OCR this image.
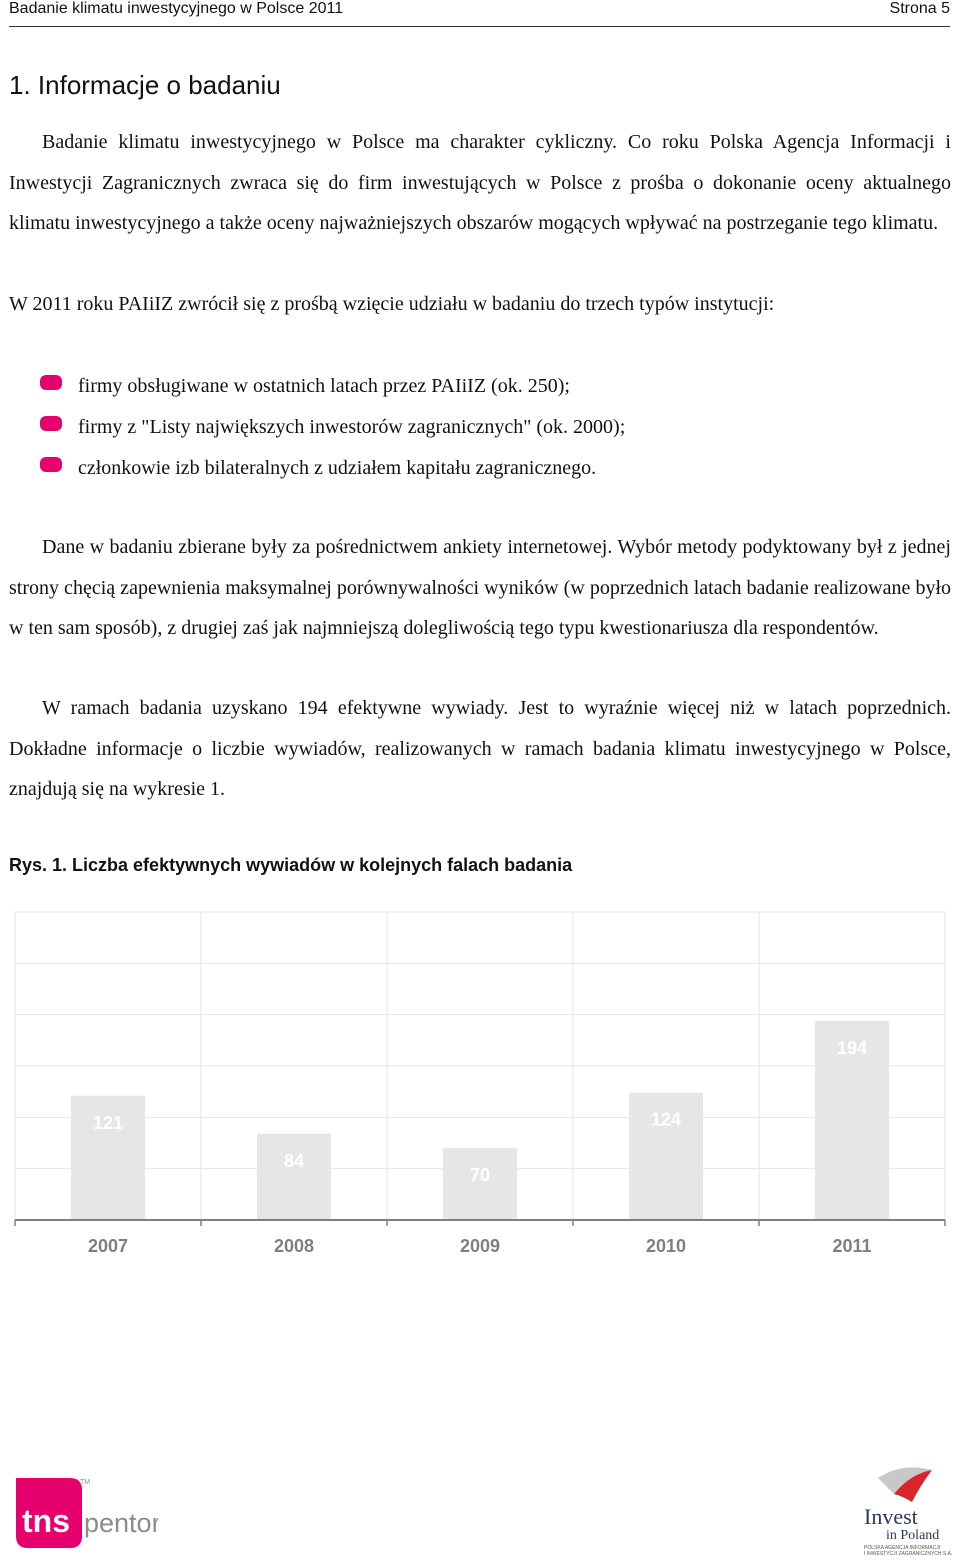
Badanie klimatu inwestycyjnego w Polsce 2011	Strona 5
1. Informacje o badaniu
Badanie klimatu inwestycyjnego w Polsce ma charakter cykliczny. Co roku Polska Agencja Informacji i Inwestycji Zagranicznych zwraca się do firm inwestujących w Polsce z prośba o dokonanie oceny aktualnego klimatu inwestycyjnego a także oceny najważniejszych obszarów mogących wpływać na postrzeganie tego klimatu.
W 2011 roku PAIiIZ zwrócił się z prośbą wzięcie udziału w badaniu do trzech typów instytucji:
firmy obsługiwane w ostatnich latach przez PAIiIZ (ok. 250);
firmy z "Listy największych inwestorów zagranicznych" (ok. 2000);
członkowie izb bilateralnych z udziałem kapitału zagranicznego.
Dane w badaniu zbierane były za pośrednictwem ankiety internetowej. Wybór metody podyktowany był z jednej strony chęcią zapewnienia maksymalnej porównywalności wyników (w poprzednich latach badanie realizowane było w ten sam sposób), z drugiej zaś jak najmniejszą dolegliwością tego typu kwestionariusza dla respondentów.
W ramach badania uzyskano 194 efektywne wywiady. Jest to wyraźnie więcej niż w latach poprzednich. Dokładne informacje o liczbie wywiadów, realizowanych w ramach badania klimatu inwestycyjnego w Polsce, znajdują się na wykresie 1.
Rys. 1. Liczba efektywnych wywiadów w kolejnych falach badania
121
2007
84
2008
70
2009
124
2010
194
2011
tns pentor
TM
Invest
in Poland
POLSKA AGENCJA INFORMACJI
I INWESTYCJI ZAGRANICZNYCH S.A.
